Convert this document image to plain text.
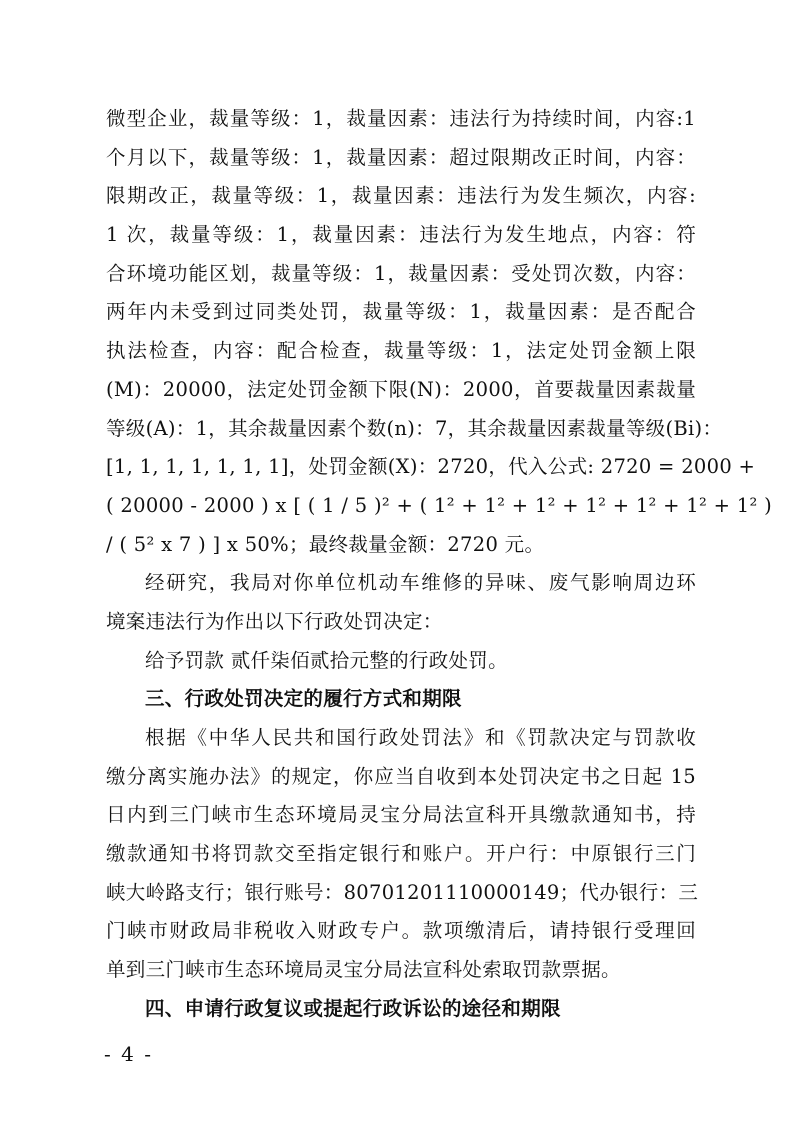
微型企业，裁量等级：1，裁量因素：违法行为持续时间，内容:1
个月以下，裁量等级：1，裁量因素：超过限期改正时间，内容：
限期改正，裁量等级：1，裁量因素：违法行为发生频次，内容:
1 次，裁量等级：1，裁量因素：违法行为发生地点，内容：符
合环境功能区划，裁量等级：1，裁量因素：受处罚次数，内容：
两年内未受到过同类处罚，裁量等级：1，裁量因素：是否配合
执法检查，内容：配合检查，裁量等级：1，法定处罚金额上限
(M)：20000，法定处罚金额下限(N)：2000，首要裁量因素裁量
等级(A)：1，其余裁量因素个数(n)：7，其余裁量因素裁量等级(Bi)：
[1, 1, 1, 1, 1, 1, 1]，处罚金额(X)：2720，代入公式: 2720 = 2000 +
( 20000 - 2000 ) x [ ( 1 / 5 )² + ( 1² + 1² + 1² + 1² + 1² + 1² + 1² )
/ ( 5² x 7 ) ] x 50%；最终裁量金额：2720 元。
经研究，我局对你单位机动车维修的异味、废气影响周边环
境案违法行为作出以下行政处罚决定：
给予罚款 贰仟柒佰贰拾元整的行政处罚。
三、行政处罚决定的履行方式和期限
根据《中华人民共和国行政处罚法》和《罚款决定与罚款收
缴分离实施办法》的规定，你应当自收到本处罚决定书之日起 15
日内到三门峡市生态环境局灵宝分局法宣科开具缴款通知书，持
缴款通知书将罚款交至指定银行和账户。开户行：中原银行三门
峡大岭路支行；银行账号：80701201110000149；代办银行：三
门峡市财政局非税收入财政专户。款项缴清后，请持银行受理回
单到三门峡市生态环境局灵宝分局法宣科处索取罚款票据。
四、申请行政复议或提起行政诉讼的途径和期限
- 4 -
